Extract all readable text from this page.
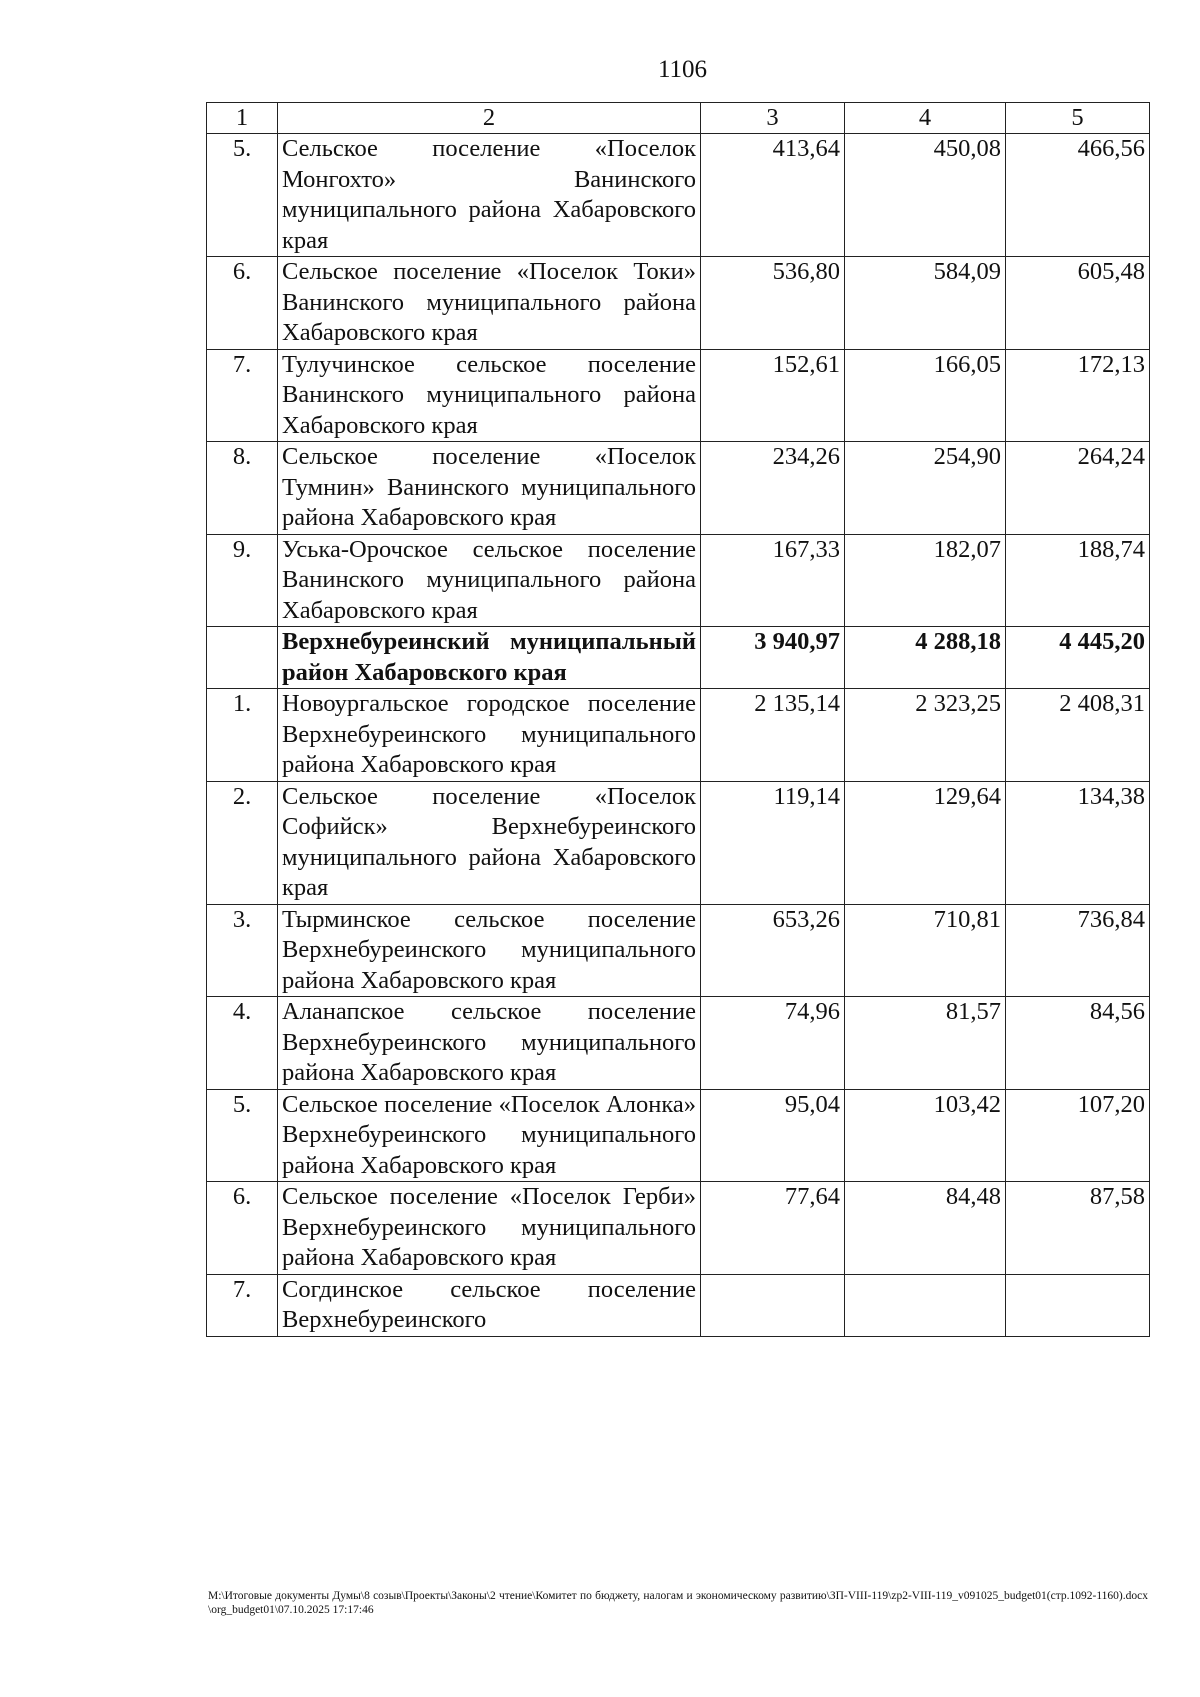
1106
1	2	3	4	5
5.	Сельское поселение «Поселок Монгохто» Ванинского муниципального района Хабаровского края	413,64	450,08	466,56
6.	Сельское поселение «Поселок Токи» Ванинского муниципального района Хабаровского края	536,80	584,09	605,48
7.	Тулучинское сельское поселение Ванинского муниципального района Хабаровского края	152,61	166,05	172,13
8.	Сельское поселение «Поселок Тумнин» Ванинского муниципального района Хабаровского края	234,26	254,90	264,24
9.	Уська-Орочское сельское поселение Ванинского муниципального района Хабаровского края	167,33	182,07	188,74
	Верхнебуреинский муниципальный район Хабаровского края	3 940,97	4 288,18	4 445,20
1.	Новоургальское городское поселение Верхнебуреинского муниципального района Хабаровского края	2 135,14	2 323,25	2 408,31
2.	Сельское поселение «Поселок Софийск» Верхнебуреинского муниципального района Хабаровского края	119,14	129,64	134,38
3.	Тырминское сельское поселение Верхнебуреинского муниципального района Хабаровского края	653,26	710,81	736,84
4.	Аланапское сельское поселение Верхнебуреинского муниципального района Хабаровского края	74,96	81,57	84,56
5.	Сельское поселение «Поселок Алонка» Верхнебуреинского муниципального района Хабаровского края	95,04	103,42	107,20
6.	Сельское поселение «Поселок Герби» Верхнебуреинского муниципального района Хабаровского края	77,64	84,48	87,58
7.	Согдинское сельское поселение Верхнебуреинского			
M:\Итоговые документы Думы\8 созыв\Проекты\Законы\2 чтение\Комитет по бюджету, налогам и экономическому развитию\ЗП-VIII-119\zp2-VIII-119_v091025_budget01(стр.1092-1160).docx\org_budget01\07.10.2025 17:17:46
